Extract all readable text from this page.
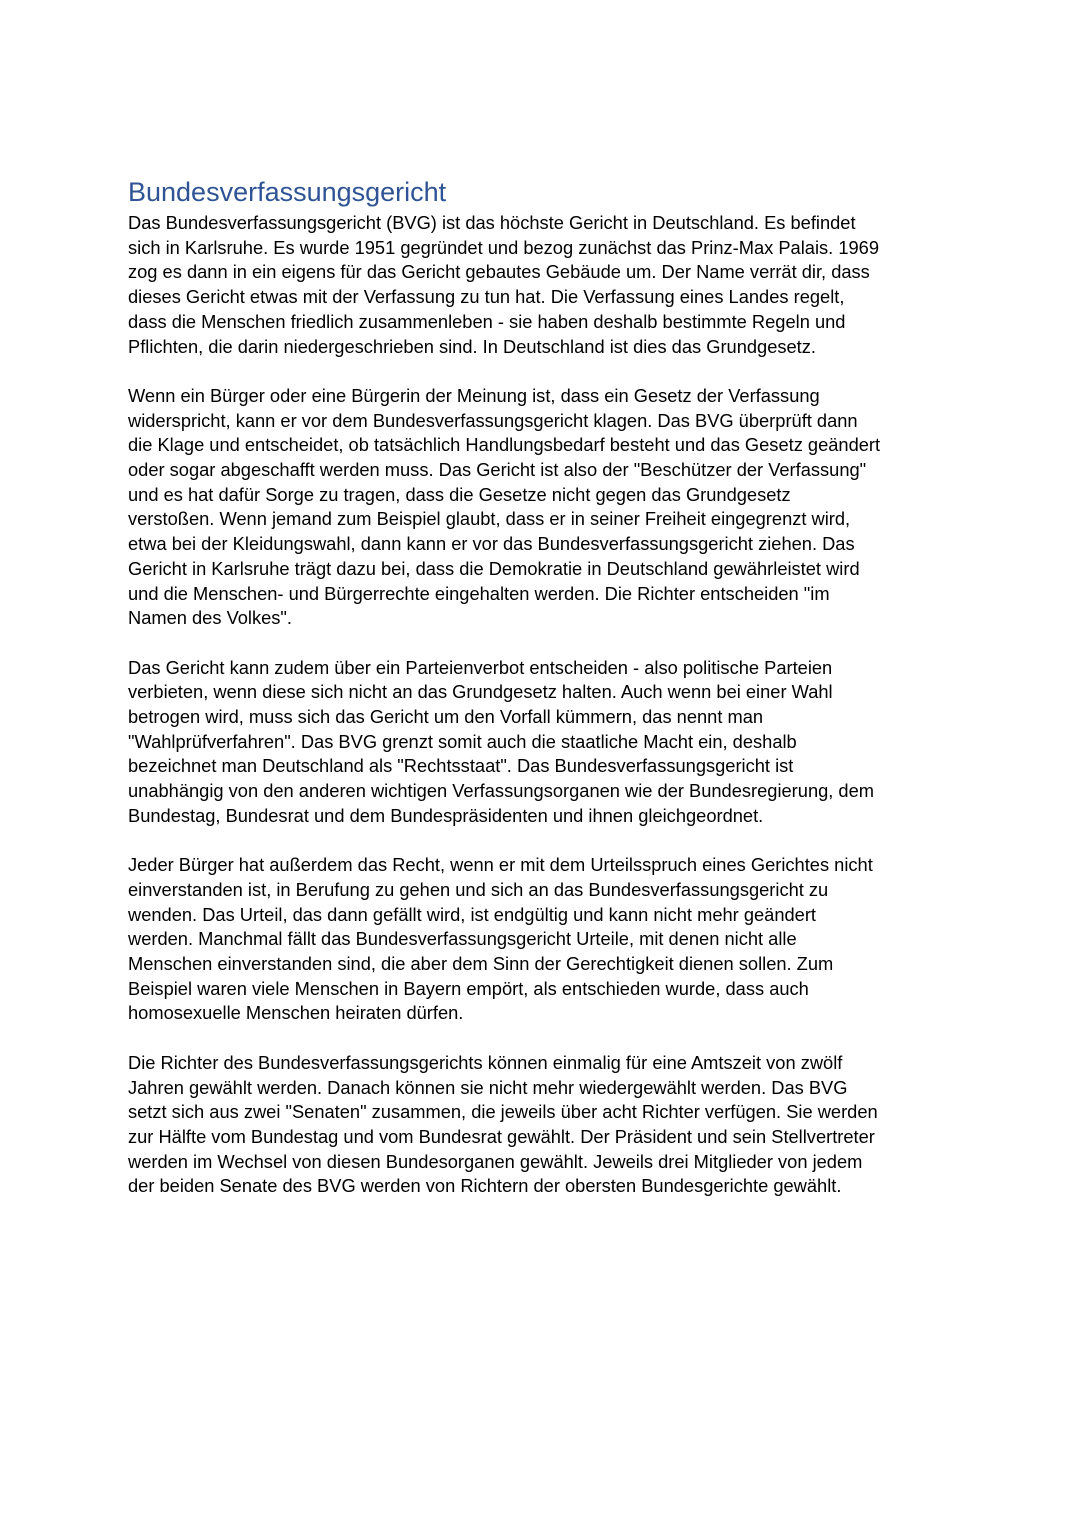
Bundesverfassungsgericht

Das Bundesverfassungsgericht (BVG) ist das höchste Gericht in Deutschland. Es befindet
sich in Karlsruhe. Es wurde 1951 gegründet und bezog zunächst das Prinz-Max Palais. 1969
zog es dann in ein eigens für das Gericht gebautes Gebäude um. Der Name verrät dir, dass
dieses Gericht etwas mit der Verfassung zu tun hat. Die Verfassung eines Landes regelt,
dass die Menschen friedlich zusammenleben - sie haben deshalb bestimmte Regeln und
Pflichten, die darin niedergeschrieben sind. In Deutschland ist dies das Grundgesetz.

Wenn ein Bürger oder eine Bürgerin der Meinung ist, dass ein Gesetz der Verfassung
widerspricht, kann er vor dem Bundesverfassungsgericht klagen. Das BVG überprüft dann
die Klage und entscheidet, ob tatsächlich Handlungsbedarf besteht und das Gesetz geändert
oder sogar abgeschafft werden muss. Das Gericht ist also der "Beschützer der Verfassung"
und es hat dafür Sorge zu tragen, dass die Gesetze nicht gegen das Grundgesetz
verstoßen. Wenn jemand zum Beispiel glaubt, dass er in seiner Freiheit eingegrenzt wird,
etwa bei der Kleidungswahl, dann kann er vor das Bundesverfassungsgericht ziehen. Das
Gericht in Karlsruhe trägt dazu bei, dass die Demokratie in Deutschland gewährleistet wird
und die Menschen- und Bürgerrechte eingehalten werden. Die Richter entscheiden "im
Namen des Volkes".

Das Gericht kann zudem über ein Parteienverbot entscheiden - also politische Parteien
verbieten, wenn diese sich nicht an das Grundgesetz halten. Auch wenn bei einer Wahl
betrogen wird, muss sich das Gericht um den Vorfall kümmern, das nennt man
"Wahlprüfverfahren". Das BVG grenzt somit auch die staatliche Macht ein, deshalb
bezeichnet man Deutschland als "Rechtsstaat". Das Bundesverfassungsgericht ist
unabhängig von den anderen wichtigen Verfassungsorganen wie der Bundesregierung, dem
Bundestag, Bundesrat und dem Bundespräsidenten und ihnen gleichgeordnet.

Jeder Bürger hat außerdem das Recht, wenn er mit dem Urteilsspruch eines Gerichtes nicht
einverstanden ist, in Berufung zu gehen und sich an das Bundesverfassungsgericht zu
wenden. Das Urteil, das dann gefällt wird, ist endgültig und kann nicht mehr geändert
werden. Manchmal fällt das Bundesverfassungsgericht Urteile, mit denen nicht alle
Menschen einverstanden sind, die aber dem Sinn der Gerechtigkeit dienen sollen. Zum
Beispiel waren viele Menschen in Bayern empört, als entschieden wurde, dass auch
homosexuelle Menschen heiraten dürfen.

Die Richter des Bundesverfassungsgerichts können einmalig für eine Amtszeit von zwölf
Jahren gewählt werden. Danach können sie nicht mehr wiedergewählt werden. Das BVG
setzt sich aus zwei "Senaten" zusammen, die jeweils über acht Richter verfügen. Sie werden
zur Hälfte vom Bundestag und vom Bundesrat gewählt. Der Präsident und sein Stellvertreter
werden im Wechsel von diesen Bundesorganen gewählt. Jeweils drei Mitglieder von jedem
der beiden Senate des BVG werden von Richtern der obersten Bundesgerichte gewählt.
